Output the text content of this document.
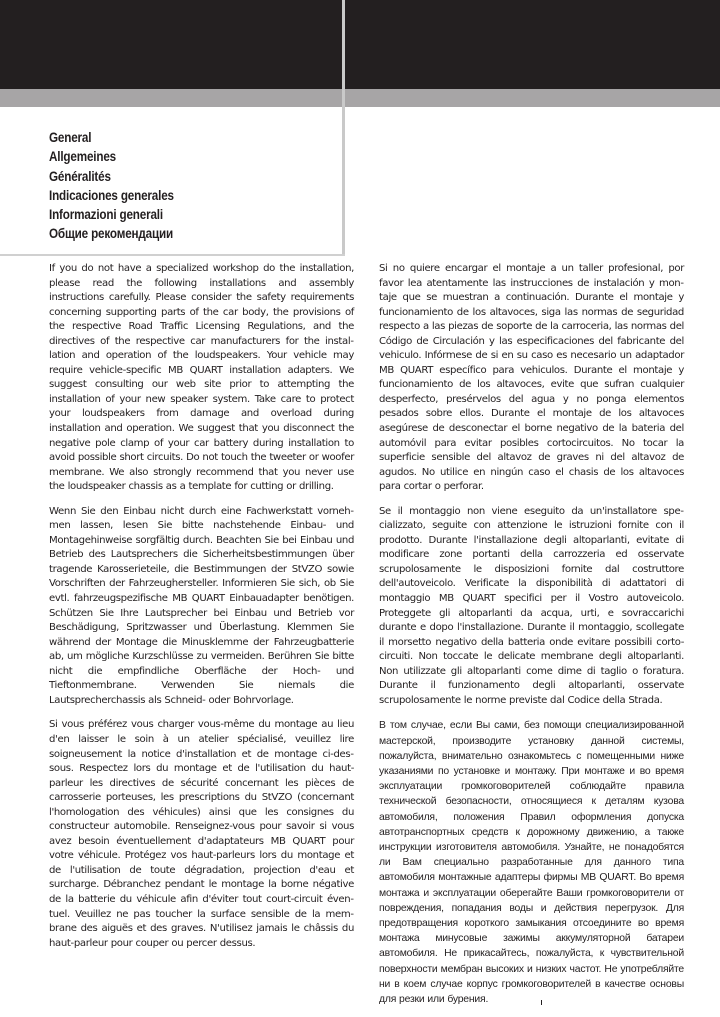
General
Allgemeines
Généralités
Indicaciones generales
Informazioni generali
Общие рекомендации

If you do not have a specialized workshop do the installation, please read the following installations and assembly instructions carefully. Please consider the safety requirements concerning supporting parts of the car body, the provisions of the respective Road Traffic Licensing Regulations, and the directives of the respective car manufacturers for the installation and operation of the loudspeakers. Your vehicle may require vehicle-specific MB QUART installation adapters. We suggest consulting our web site prior to attempting the installation of your new speaker system. Take care to protect your loudspeakers from damage and overload during installation and operation. We suggest that you disconnect the negative pole clamp of your car battery during installation to avoid possible short circuits. Do not touch the tweeter or woofer membrane. We also strongly recommend that you never use the loudspeaker chassis as a template for cutting or drilling.

Wenn Sie den Einbau nicht durch eine Fachwerkstatt vornehmen lassen, lesen Sie bitte nachstehende Einbau- und Montagehinweise sorgfältig durch. Beachten Sie bei Einbau und Betrieb des Lautsprechers die Sicherheitsbestimmungen über tragende Karosserieteile, die Bestimmungen der StVZO sowie Vorschriften der Fahrzeughersteller. Informieren Sie sich, ob Sie evtl. fahrzeugspezifische MB QUART Einbauadapter benötigen. Schützen Sie Ihre Lautsprecher bei Einbau und Betrieb vor Beschädigung, Spritzwasser und Überlastung. Klemmen Sie während der Montage die Minusklemme der Fahrzeugbatterie ab, um mögliche Kurzschlüsse zu vermeiden. Berühren Sie bitte nicht die empfindliche Oberfläche der Hoch- und Tieftonmembrane. Verwenden Sie niemals die Lautsprecherchassis als Schneid- oder Bohrvorlage.

Si vous préférez vous charger vous-même du montage au lieu d'en laisser le soin à un atelier spécialisé, veuillez lire soigneusement la notice d'installation et de montage ci-dessous. Respectez lors du montage et de l'utilisation du haut-parleur les directives de sécurité concernant les pièces de carrosserie porteuses, les prescriptions du StVZO (concernant l'homologation des véhicules) ainsi que les consignes du constructeur automobile. Renseignez-vous pour savoir si vous avez besoin éventuellement d'adaptateurs MB QUART pour votre véhicule. Protégez vos haut-parleurs lors du montage et de l'utilisation de toute dégradation, projection d'eau et surcharge. Débranchez pendant le montage la borne négative de la batterie du véhicule afin d'éviter tout court-circuit éventuel. Veuillez ne pas toucher la surface sensible de la membrane des aiguës et des graves. N'utilisez jamais le châssis du haut-parleur pour couper ou percer dessus.

Si no quiere encargar el montaje a un taller profesional, por favor lea atentamente las instrucciones de instalación y montaje que se muestran a continuación. Durante el montaje y funcionamiento de los altavoces, siga las normas de seguridad respecto a las piezas de soporte de la carroceria, las normas del Código de Circulación y las especificaciones del fabricante del vehiculo. Infórmese de si en su caso es necesario un adaptador MB QUART específico para vehiculos. Durante el montaje y funcionamiento de los altavoces, evite que sufran cualquier desperfecto, presérvelos del agua y no ponga elementos pesados sobre ellos. Durante el montaje de los altavoces asegúrese de desconectar el borne negativo de la bateria del automóvil para evitar posibles cortocircuitos. No tocar la superficie sensible del altavoz de graves ni del altavoz de agudos. No utilice en ningún caso el chasis de los altavoces para cortar o perforar.

Se il montaggio non viene eseguito da un'installatore specializzato, seguite con attenzione le istruzioni fornite con il prodotto. Durante l'installazione degli altoparlanti, evitate di modificare zone portanti della carrozzeria ed osservate scrupolosamente le disposizioni fornite dal costruttore dell'autoveicolo. Verificate la disponibilità di adattatori di montaggio MB QUART specifici per il Vostro autoveicolo. Proteggete gli altoparlanti da acqua, urti, e sovraccarichi durante e dopo l'installazione. Durante il montaggio, scollegate il morsetto negativo della batteria onde evitare possibili corto-circuiti. Non toccate le delicate membrane degli altoparlanti. Non utilizzate gli altoparlanti come dime di taglio o foratura. Durante il funzionamento degli altoparlanti, osservate scrupolosamente le norme previste dal Codice della Strada.

В том случае, если Вы сами, без помощи специализированной мастерской, производите установку данной системы, пожалуйста, внимательно ознакомьтесь с помещенными ниже указаниями по установке и монтажу. При монтаже и во время эксплуатации громкоговорителей соблюдайте правила технической безопасности, относящиеся к деталям кузова автомобиля, положения Правил оформления допуска автотранспортных средств к дорожному движению, а также инструкции изготовителя автомобиля. Узнайте, не понадобятся ли Вам специально разработанные для данного типа автомобиля монтажные адаптеры фирмы MB QUART. Во время монтажа и эксплуатации оберегайте Ваши громкоговорители от повреждения, попадания воды и действия перегрузок. Для предотвращения короткого замыкания отсоедините во время монтажа минусовые зажимы аккумуляторной батареи автомобиля. Не прикасайтесь, пожалуйста, к чувствительной поверхности мембран высоких и низких частот. Не употребляйте ни в коем случае корпус громкоговорителей в качестве основы для резки или бурения.
